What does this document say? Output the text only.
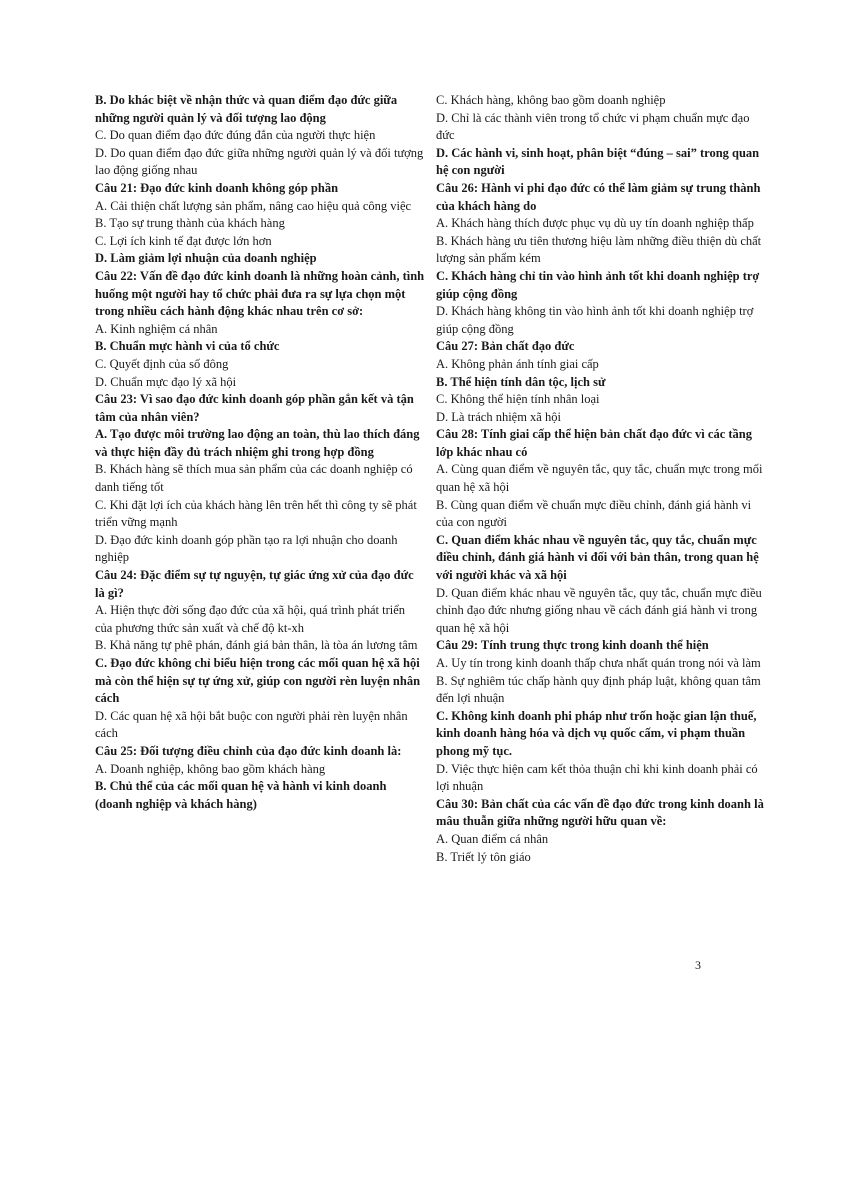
B. Do khác biệt về nhận thức và quan điểm đạo đức giữa những người quản lý và đối tượng lao động

C. Do quan điểm đạo đức đúng đắn của người thực hiện

D. Do quan điểm đạo đức giữa những người quản lý và đối tượng lao động giống nhau

Câu 21: Đạo đức kinh doanh không góp phần

A. Cải thiện chất lượng sản phẩm, nâng cao hiệu quả công việc

B. Tạo sự trung thành của khách hàng

C. Lợi ích kinh tế đạt được lớn hơn

D. Làm giảm lợi nhuận của doanh nghiệp

Câu 22: Vấn đề đạo đức kinh doanh là những hoàn cảnh, tình huống một người hay tổ chức phải đưa ra sự lựa chọn một trong nhiều cách hành động khác nhau trên cơ sở:

A. Kinh nghiệm cá nhân

B. Chuẩn mực hành vi của tổ chức

C. Quyết định của số đông

D. Chuẩn mực đạo lý xã hội

Câu 23: Vì sao đạo đức kinh doanh góp phần gắn kết và tận tâm của nhân viên?

A. Tạo được môi trường lao động an toàn, thù lao thích đáng và thực hiện đầy đủ trách nhiệm ghi trong hợp đồng

B. Khách hàng sẽ thích mua sản phẩm của các doanh nghiệp có danh tiếng tốt

C. Khi đặt lợi ích của khách hàng lên trên hết thì công ty sẽ phát triển vững mạnh

D. Đạo đức kinh doanh góp phần tạo ra lợi nhuận cho doanh nghiệp

Câu 24: Đặc điểm sự tự nguyện, tự giác ứng xử của đạo đức là gì?

A. Hiện thực đời sống đạo đức của xã hội, quá trình phát triển của phương thức sản xuất và chế độ kt-xh

B. Khả năng tự phê phán, đánh giá bản thân, là tòa án lương tâm

C. Đạo đức không chỉ biểu hiện trong các mối quan hệ xã hội mà còn thể hiện sự tự ứng xử, giúp con người rèn luyện nhân cách

D. Các quan hệ xã hội bắt buộc con người phải rèn luyện nhân cách

Câu 25: Đối tượng điều chỉnh của đạo đức kinh doanh là:

A. Doanh nghiệp, không bao gồm khách hàng

B. Chủ thể của các mối quan hệ và hành vi kinh doanh (doanh nghiệp và khách hàng)

C. Khách hàng, không bao gồm doanh nghiệp

D. Chỉ là các thành viên trong tổ chức vi phạm chuẩn mực đạo đức

D. Các hành vi, sinh hoạt, phân biệt “đúng – sai” trong quan hệ con người

Câu 26: Hành vi phi đạo đức có thể làm giảm sự trung thành của khách hàng do

A. Khách hàng thích được phục vụ dù uy tín doanh nghiệp thấp

B. Khách hàng ưu tiên thương hiệu làm những điều thiện dù chất lượng sản phẩm kém

C. Khách hàng chỉ tin vào hình ảnh tốt khi doanh nghiệp trợ giúp cộng đồng

D. Khách hàng không tin vào hình ảnh tốt khi doanh nghiệp trợ giúp cộng đồng

Câu 27: Bản chất đạo đức

A. Không phản ánh tính giai cấp

B. Thể hiện tính dân tộc, lịch sử

C. Không thể hiện tính nhân loại

D. Là trách nhiệm xã hội

Câu 28: Tính giai cấp thể hiện bản chất đạo đức vì các tầng lớp khác nhau có

A. Cùng quan điểm về nguyên tắc, quy tắc, chuẩn mực trong mối quan hệ xã hội

B. Cùng quan điểm về chuẩn mực điều chỉnh, đánh giá hành vi của con người

C. Quan điểm khác nhau về nguyên tắc, quy tắc, chuẩn mực điều chỉnh, đánh giá hành vi đối với bản thân, trong quan hệ với người khác và xã hội

D. Quan điểm khác nhau về nguyên tắc, quy tắc, chuẩn mực điều chỉnh đạo đức nhưng giống nhau về cách đánh giá hành vi trong quan hệ xã hội

Câu 29: Tính trung thực trong kinh doanh thể hiện

A. Uy tín trong kinh doanh thấp chưa nhất quán trong nói và làm

B. Sự nghiêm túc chấp hành quy định pháp luật, không quan tâm đến lợi nhuận

C. Không kinh doanh phi pháp như trốn hoặc gian lận thuế, kinh doanh hàng hóa và dịch vụ quốc cấm, vi phạm thuần phong mỹ tục.

D. Việc thực hiện cam kết thỏa thuận chỉ khi kinh doanh phải có lợi nhuận

Câu 30: Bản chất của các vấn đề đạo đức trong kinh doanh là mâu thuẫn giữa những người hữu quan về:

A. Quan điểm cá nhân

B. Triết lý tôn giáo

3
